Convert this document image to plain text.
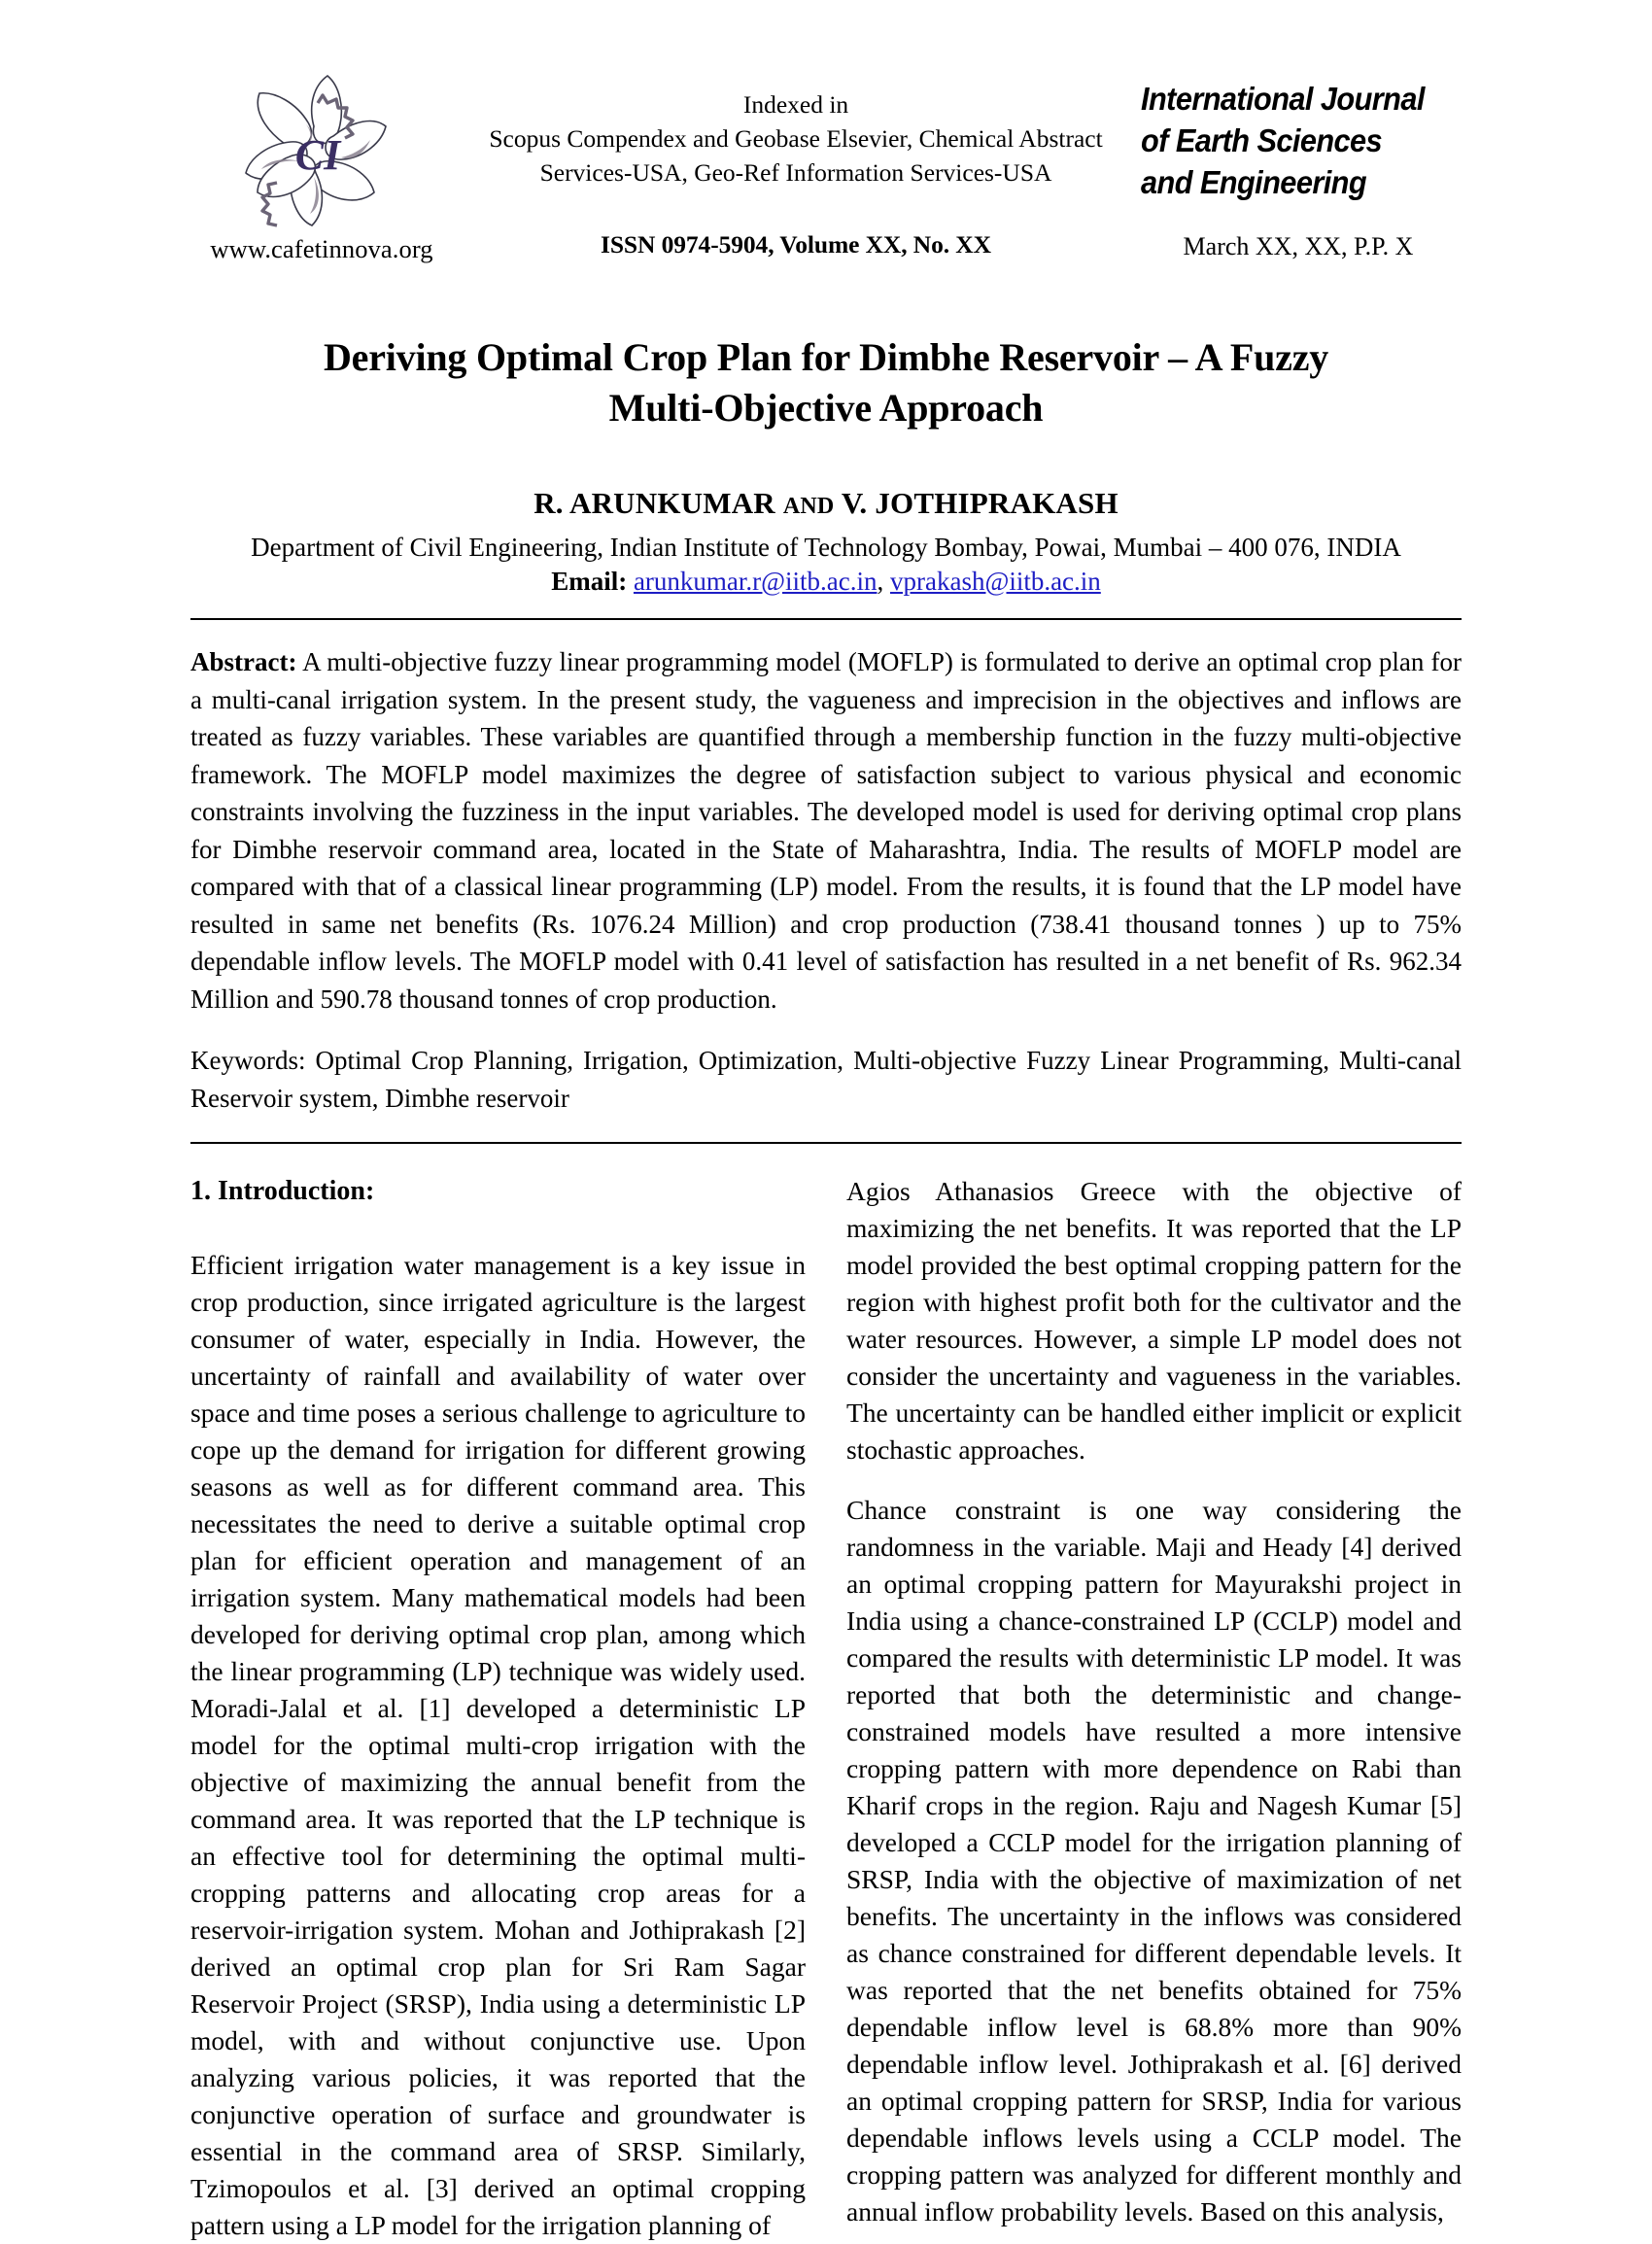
CI
www.cafetinnova.org
Indexed in
Scopus Compendex and Geobase Elsevier, Chemical Abstract
Services-USA, Geo-Ref Information Services-USA
ISSN 0974-5904, Volume XX, No. XX
International Journal
of Earth Sciences
and Engineering
March XX, XX, P.P. X
Deriving Optimal Crop Plan for Dimbhe Reservoir – A Fuzzy
Multi-Objective Approach
R. ARUNKUMAR AND V. JOTHIPRAKASH
Department of Civil Engineering, Indian Institute of Technology Bombay, Powai, Mumbai – 400 076, INDIA
Email: arunkumar.r@iitb.ac.in, vprakash@iitb.ac.in

Abstract: A multi-objective fuzzy linear programming model (MOFLP) is formulated to derive an optimal crop plan for a multi-canal irrigation system. In the present study, the vagueness and imprecision in the objectives and inflows are treated as fuzzy variables. These variables are quantified through a membership function in the fuzzy multi-objective framework. The MOFLP model maximizes the degree of satisfaction subject to various physical and economic constraints involving the fuzziness in the input variables. The developed model is used for deriving optimal crop plans for Dimbhe reservoir command area, located in the State of Maharashtra, India. The results of MOFLP model are compared with that of a classical linear programming (LP) model. From the results, it is found that the LP model have resulted in same net benefits (Rs. 1076.24 Million) and crop production (738.41 thousand tonnes ) up to 75% dependable inflow levels. The MOFLP model with 0.41 level of satisfaction has resulted in a net benefit of Rs. 962.34 Million and 590.78 thousand tonnes of crop production.

Keywords: Optimal Crop Planning, Irrigation, Optimization, Multi-objective Fuzzy Linear Programming, Multi-canal Reservoir system, Dimbhe reservoir

1. Introduction:

Efficient irrigation water management is a key issue in crop production, since irrigated agriculture is the largest consumer of water, especially in India. However, the uncertainty of rainfall and availability of water over space and time poses a serious challenge to agriculture to cope up the demand for irrigation for different growing seasons as well as for different command area. This necessitates the need to derive a suitable optimal crop plan for efficient operation and management of an irrigation system. Many mathematical models had been developed for deriving optimal crop plan, among which the linear programming (LP) technique was widely used. Moradi-Jalal et al. [1] developed a deterministic LP model for the optimal multi-crop irrigation with the objective of maximizing the annual benefit from the command area. It was reported that the LP technique is an effective tool for determining the optimal multi-cropping patterns and allocating crop areas for a reservoir-irrigation system. Mohan and Jothiprakash [2] derived an optimal crop plan for Sri Ram Sagar Reservoir Project (SRSP), India using a deterministic LP model, with and without conjunctive use. Upon analyzing various policies, it was reported that the conjunctive operation of surface and groundwater is essential in the command area of SRSP. Similarly, Tzimopoulos et al. [3] derived an optimal cropping pattern using a LP model for the irrigation planning of

Agios Athanasios Greece with the objective of maximizing the net benefits. It was reported that the LP model provided the best optimal cropping pattern for the region with highest profit both for the cultivator and the water resources. However, a simple LP model does not consider the uncertainty and vagueness in the variables. The uncertainty can be handled either implicit or explicit stochastic approaches.

Chance constraint is one way considering the randomness in the variable. Maji and Heady [4] derived an optimal cropping pattern for Mayurakshi project in India using a chance-constrained LP (CCLP) model and compared the results with deterministic LP model. It was reported that both the deterministic and change-constrained models have resulted a more intensive cropping pattern with more dependence on Rabi than Kharif crops in the region. Raju and Nagesh Kumar [5] developed a CCLP model for the irrigation planning of SRSP, India with the objective of maximization of net benefits. The uncertainty in the inflows was considered as chance constrained for different dependable levels. It was reported that the net benefits obtained for 75% dependable inflow level is 68.8% more than 90% dependable inflow level. Jothiprakash et al. [6] derived an optimal cropping pattern for SRSP, India for various dependable inflows levels using a CCLP model. The cropping pattern was analyzed for different monthly and annual inflow probability levels. Based on this analysis,
